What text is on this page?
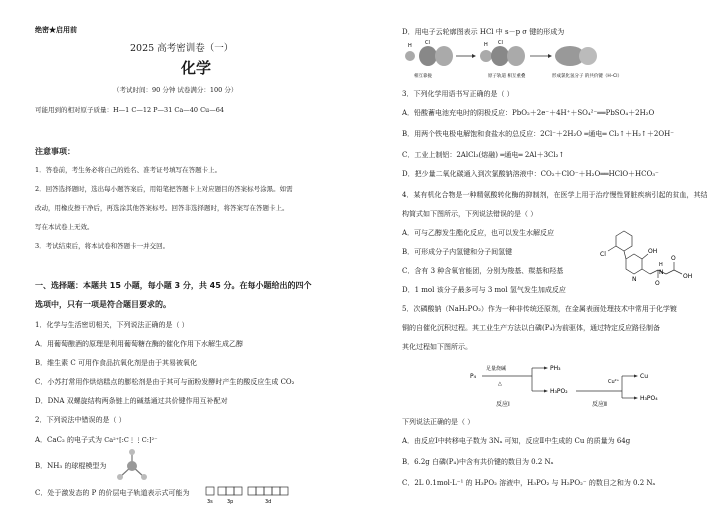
绝密★启用前
2025 高考密训卷（一）
化学
（考试时间：90 分钟 试卷满分：100 分）
可能用到的相对原子质量：H—1 C—12 P—31 Ca—40 Cu—64
注意事项：
1．答卷前，考生务必将自己的姓名、准考证号填写在答题卡上。
2．回答选择题时，选出每小题答案后，用铅笔把答题卡上对应题目的答案标号涂黑。如需
改动，用橡皮擦干净后，再选涂其他答案标号。回答非选择题时，将答案写在答题卡上。
写在本试卷上无效。
3．考试结束后，将本试卷和答题卡一并交回。
一、选择题：本题共 15 小题，每小题 3 分，共 45 分。在每小题给出的四个
选项中，只有一项是符合题目要求的。
1．化学与生活密切相关，下列说法正确的是（ ）
A．用葡萄酿酒的原理是利用葡萄糖在酶的催化作用下水解生成乙醇
B．维生素 C 可用作食品抗氧化剂是由于其易被氧化
C．小苏打常用作烘焙糕点的膨松剂是由于其可与面粉发酵时产生的酸反应生成 CO₂
D．DNA 双螺旋结构两条链上的碱基通过共价键作用互补配对
2．下列说法中错误的是（ ）
A．CaC₂ 的电子式为 Ca²⁺[:C⋮⋮C:]²⁻
B．NH₃ 的球棍模型为
C．处于激发态的 P 的价层电子轨道表示式可能为
3s	3p	3d
D．用电子云轮廓图表示 HCl 中 s－p σ 键的形成为
H	Cl	H Cl
相互靠拢	原子轨道 相互重叠	形成氯化氢分子 的共价键（H–Cl）
3．下列化学用语书写正确的是（ ）
A．铅酸蓄电池充电时的阴极反应：PbO₂＋2e⁻＋4H⁺＋SO₄²⁻══PbSO₄＋2H₂O
B．用两个铁电极电解饱和食盐水的总反应：2Cl⁻＋2H₂O ═通电═ Cl₂↑＋H₂↑＋2OH⁻
C．工业上制铝：2AlCl₃(熔融) ═通电═ 2Al＋3Cl₂↑
D．把少量二氧化碳通入到次氯酸钠溶液中：CO₂＋ClO⁻＋H₂O══HClO＋HCO₃⁻
4．某有机化合物是一种精氨酸转化酶的抑制剂，在医学上用于治疗慢性肾脏疾病引起的贫血，其结
构简式如下图所示，下列说法错误的是（ ）
A．可与乙醇发生酯化反应，也可以发生水解反应
B．可形成分子内氢键和分子间氢键
C．含有 3 种含氧官能团，分别为羧基、羰基和羟基
D．1 mol 该分子最多可与 3 mol 氢气发生加成反应
Cl	OH
N
H
N
O
OH
O
5．次磷酸钠（NaH₂PO₂）作为一种非传统还原剂，在金属表面处理技术中常用于化学镀
铜的自催化沉积过程。其工业生产方法以白磷(P₄)为前驱体，通过特定反应路径制备
其化过程如下图所示。
P₄
足量烧碱
△
PH₃
H₃PO₂
Cu²⁺
Cu
H₃PO₄
反应Ⅰ	反应Ⅱ
下列说法正确的是（ ）
A．由反应Ⅰ中转移电子数为 3Nₐ 可知，反应Ⅱ中生成的 Cu 的质量为 64g
B．6.2g 白磷(P₄)中含有共价键的数目为 0.2 Nₐ
C．2L 0.1mol·L⁻¹ 的 H₃PO₂ 溶液中，H₃PO₂ 与 H₂PO₂⁻ 的数目之和为 0.2 Nₐ
